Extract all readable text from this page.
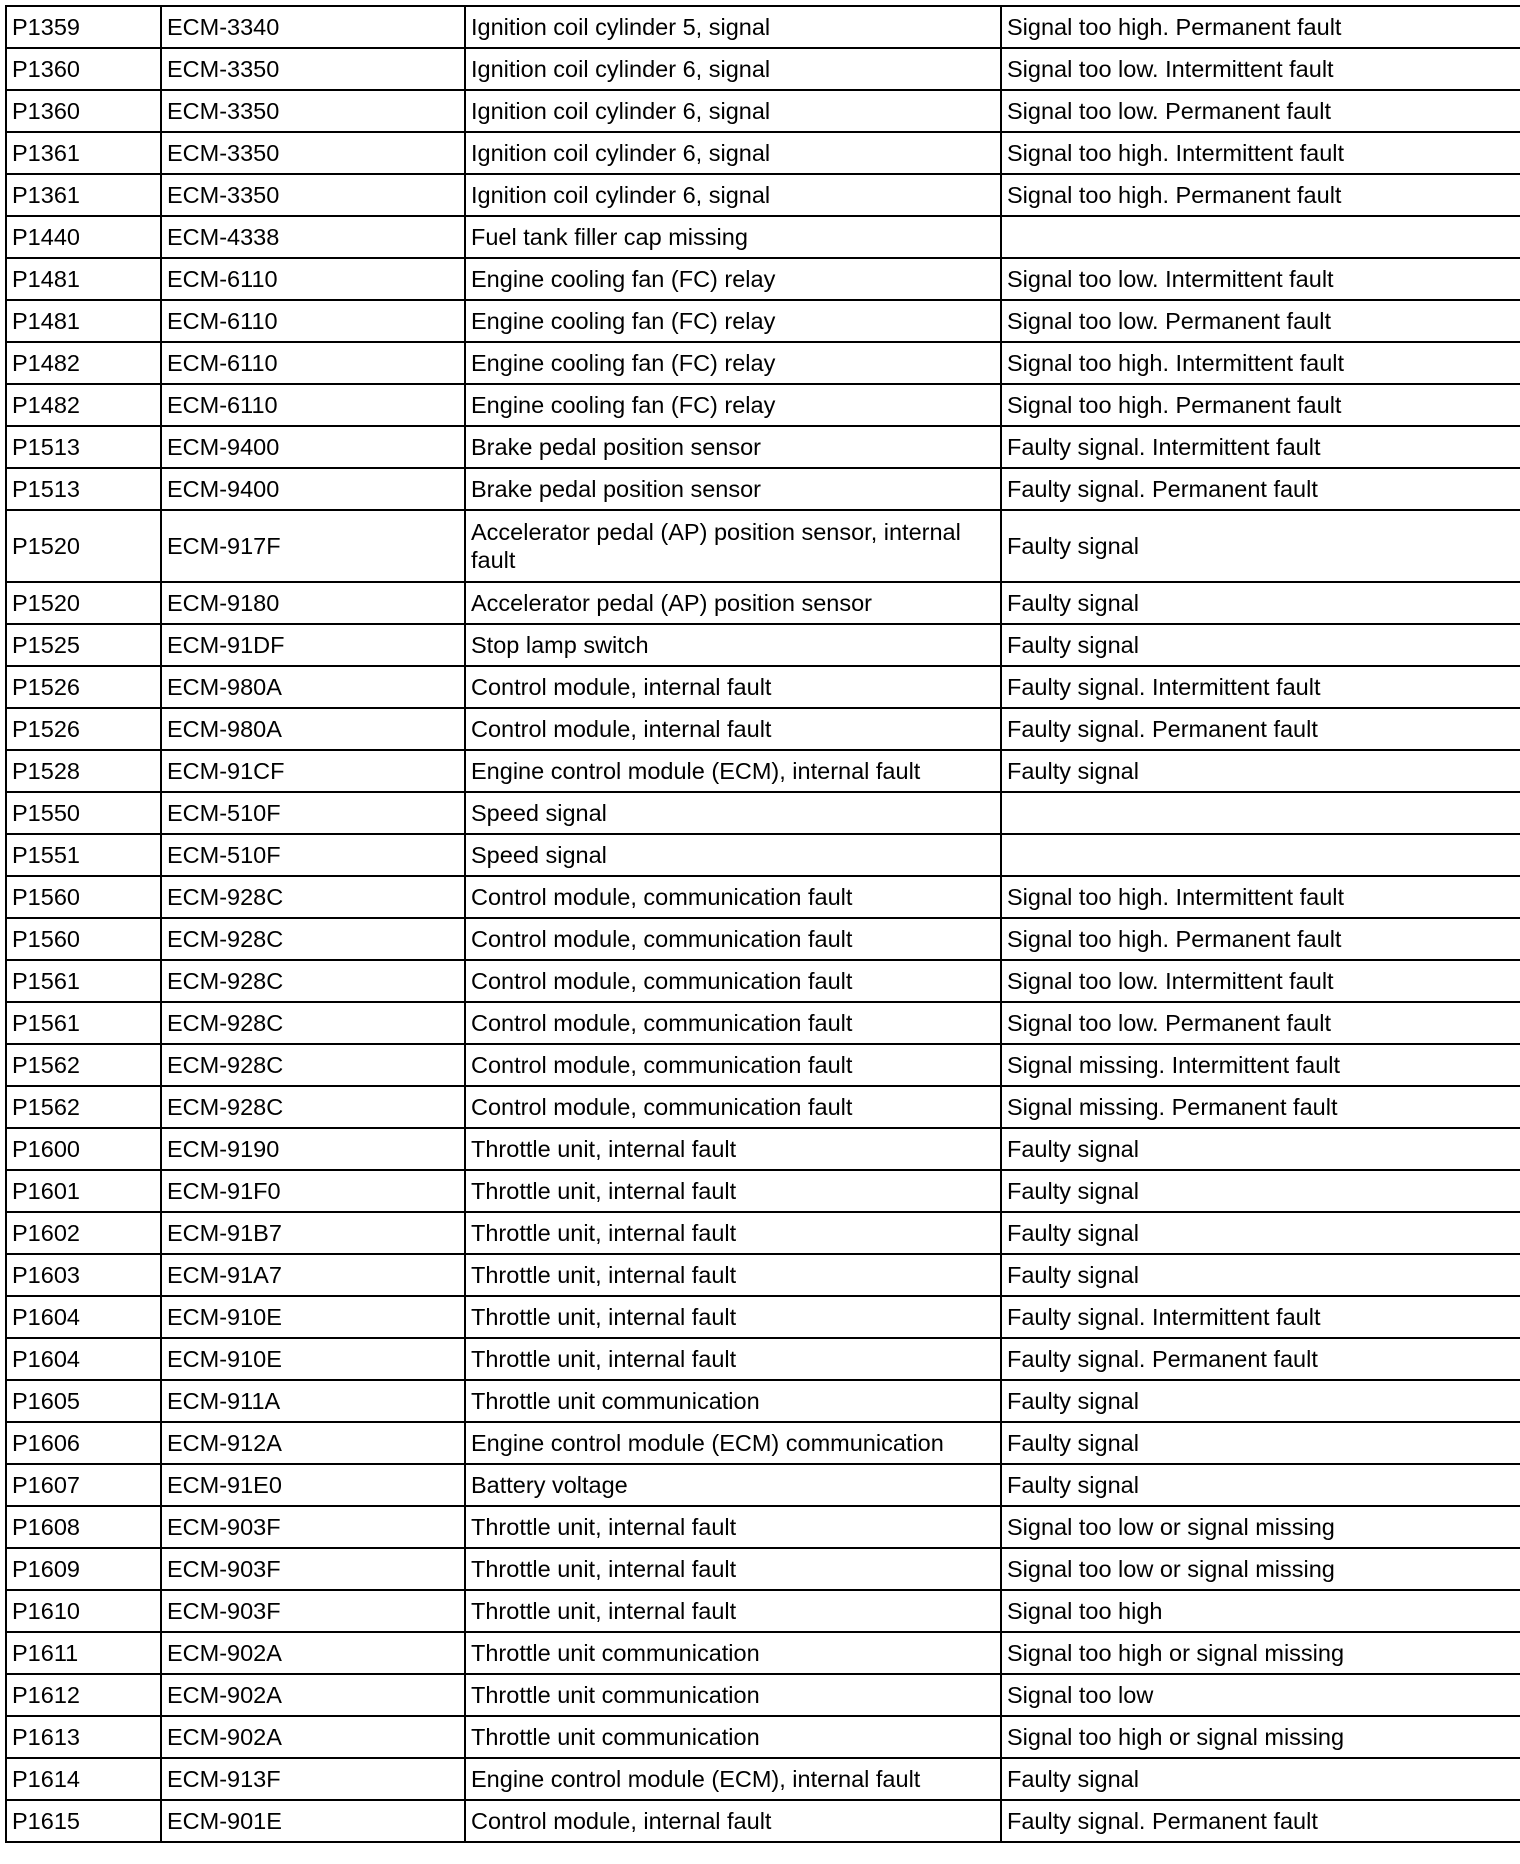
P1359	ECM-3340	Ignition coil cylinder 5, signal	Signal too high. Permanent fault
P1360	ECM-3350	Ignition coil cylinder 6, signal	Signal too low. Intermittent fault
P1360	ECM-3350	Ignition coil cylinder 6, signal	Signal too low. Permanent fault
P1361	ECM-3350	Ignition coil cylinder 6, signal	Signal too high. Intermittent fault
P1361	ECM-3350	Ignition coil cylinder 6, signal	Signal too high. Permanent fault
P1440	ECM-4338	Fuel tank filler cap missing	
P1481	ECM-6110	Engine cooling fan (FC) relay	Signal too low. Intermittent fault
P1481	ECM-6110	Engine cooling fan (FC) relay	Signal too low. Permanent fault
P1482	ECM-6110	Engine cooling fan (FC) relay	Signal too high. Intermittent fault
P1482	ECM-6110	Engine cooling fan (FC) relay	Signal too high. Permanent fault
P1513	ECM-9400	Brake pedal position sensor	Faulty signal. Intermittent fault
P1513	ECM-9400	Brake pedal position sensor	Faulty signal. Permanent fault
P1520	ECM-917F	Accelerator pedal (AP) position sensor, internal fault	Faulty signal
P1520	ECM-9180	Accelerator pedal (AP) position sensor	Faulty signal
P1525	ECM-91DF	Stop lamp switch	Faulty signal
P1526	ECM-980A	Control module, internal fault	Faulty signal. Intermittent fault
P1526	ECM-980A	Control module, internal fault	Faulty signal. Permanent fault
P1528	ECM-91CF	Engine control module (ECM), internal fault	Faulty signal
P1550	ECM-510F	Speed signal	
P1551	ECM-510F	Speed signal	
P1560	ECM-928C	Control module, communication fault	Signal too high. Intermittent fault
P1560	ECM-928C	Control module, communication fault	Signal too high. Permanent fault
P1561	ECM-928C	Control module, communication fault	Signal too low. Intermittent fault
P1561	ECM-928C	Control module, communication fault	Signal too low. Permanent fault
P1562	ECM-928C	Control module, communication fault	Signal missing. Intermittent fault
P1562	ECM-928C	Control module, communication fault	Signal missing. Permanent fault
P1600	ECM-9190	Throttle unit, internal fault	Faulty signal
P1601	ECM-91F0	Throttle unit, internal fault	Faulty signal
P1602	ECM-91B7	Throttle unit, internal fault	Faulty signal
P1603	ECM-91A7	Throttle unit, internal fault	Faulty signal
P1604	ECM-910E	Throttle unit, internal fault	Faulty signal. Intermittent fault
P1604	ECM-910E	Throttle unit, internal fault	Faulty signal. Permanent fault
P1605	ECM-911A	Throttle unit communication	Faulty signal
P1606	ECM-912A	Engine control module (ECM) communication	Faulty signal
P1607	ECM-91E0	Battery voltage	Faulty signal
P1608	ECM-903F	Throttle unit, internal fault	Signal too low or signal missing
P1609	ECM-903F	Throttle unit, internal fault	Signal too low or signal missing
P1610	ECM-903F	Throttle unit, internal fault	Signal too high
P1611	ECM-902A	Throttle unit communication	Signal too high or signal missing
P1612	ECM-902A	Throttle unit communication	Signal too low
P1613	ECM-902A	Throttle unit communication	Signal too high or signal missing
P1614	ECM-913F	Engine control module (ECM), internal fault	Faulty signal
P1615	ECM-901E	Control module, internal fault	Faulty signal. Permanent fault
